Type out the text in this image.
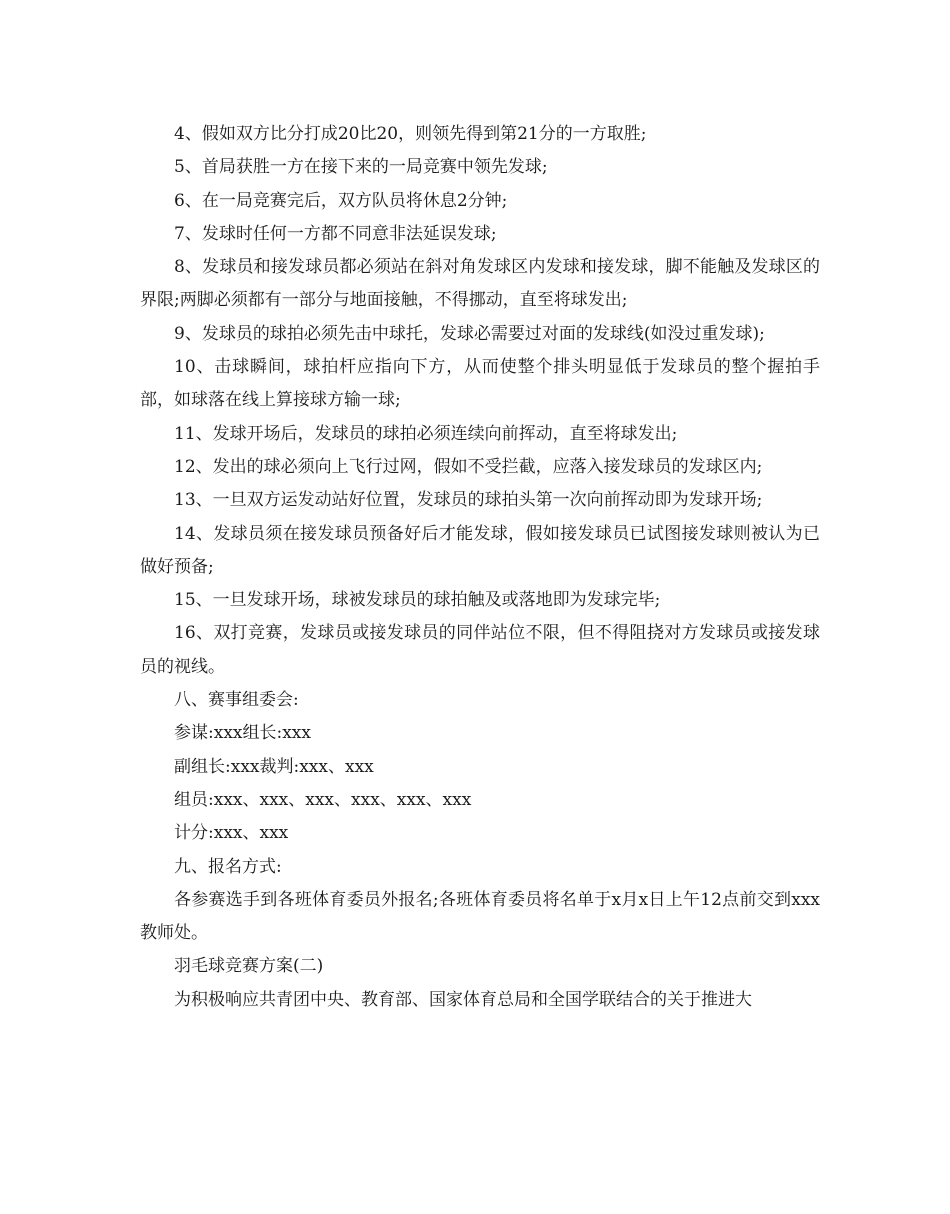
4、假如双方比分打成20比20，则领先得到第21分的一方取胜;

5、首局获胜一方在接下来的一局竞赛中领先发球;

6、在一局竞赛完后，双方队员将休息2分钟;

7、发球时任何一方都不同意非法延误发球;

8、发球员和接发球员都必须站在斜对角发球区内发球和接发球，脚不能触及发球区的界限;两脚必须都有一部分与地面接触，不得挪动，直至将球发出;

9、发球员的球拍必须先击中球托，发球必需要过对面的发球线(如没过重发球);

10、击球瞬间，球拍杆应指向下方，从而使整个排头明显低于发球员的整个握拍手部，如球落在线上算接球方输一球;

11、发球开场后，发球员的球拍必须连续向前挥动，直至将球发出;

12、发出的球必须向上飞行过网，假如不受拦截，应落入接发球员的发球区内;

13、一旦双方运发动站好位置，发球员的球拍头第一次向前挥动即为发球开场;

14、发球员须在接发球员预备好后才能发球，假如接发球员已试图接发球则被认为已做好预备;

15、一旦发球开场，球被发球员的球拍触及或落地即为发球完毕;

16、双打竞赛，发球员或接发球员的同伴站位不限，但不得阻挠对方发球员或接发球员的视线。

八、赛事组委会:

参谋:xxx组长:xxx

副组长:xxx裁判:xxx、xxx

组员:xxx、xxx、xxx、xxx、xxx、xxx

计分:xxx、xxx

九、报名方式:

各参赛选手到各班体育委员外报名;各班体育委员将名单于x月x日上午12点前交到xxx教师处。

羽毛球竞赛方案(二)

为积极响应共青团中央、教育部、国家体育总局和全国学联结合的关于推进大
